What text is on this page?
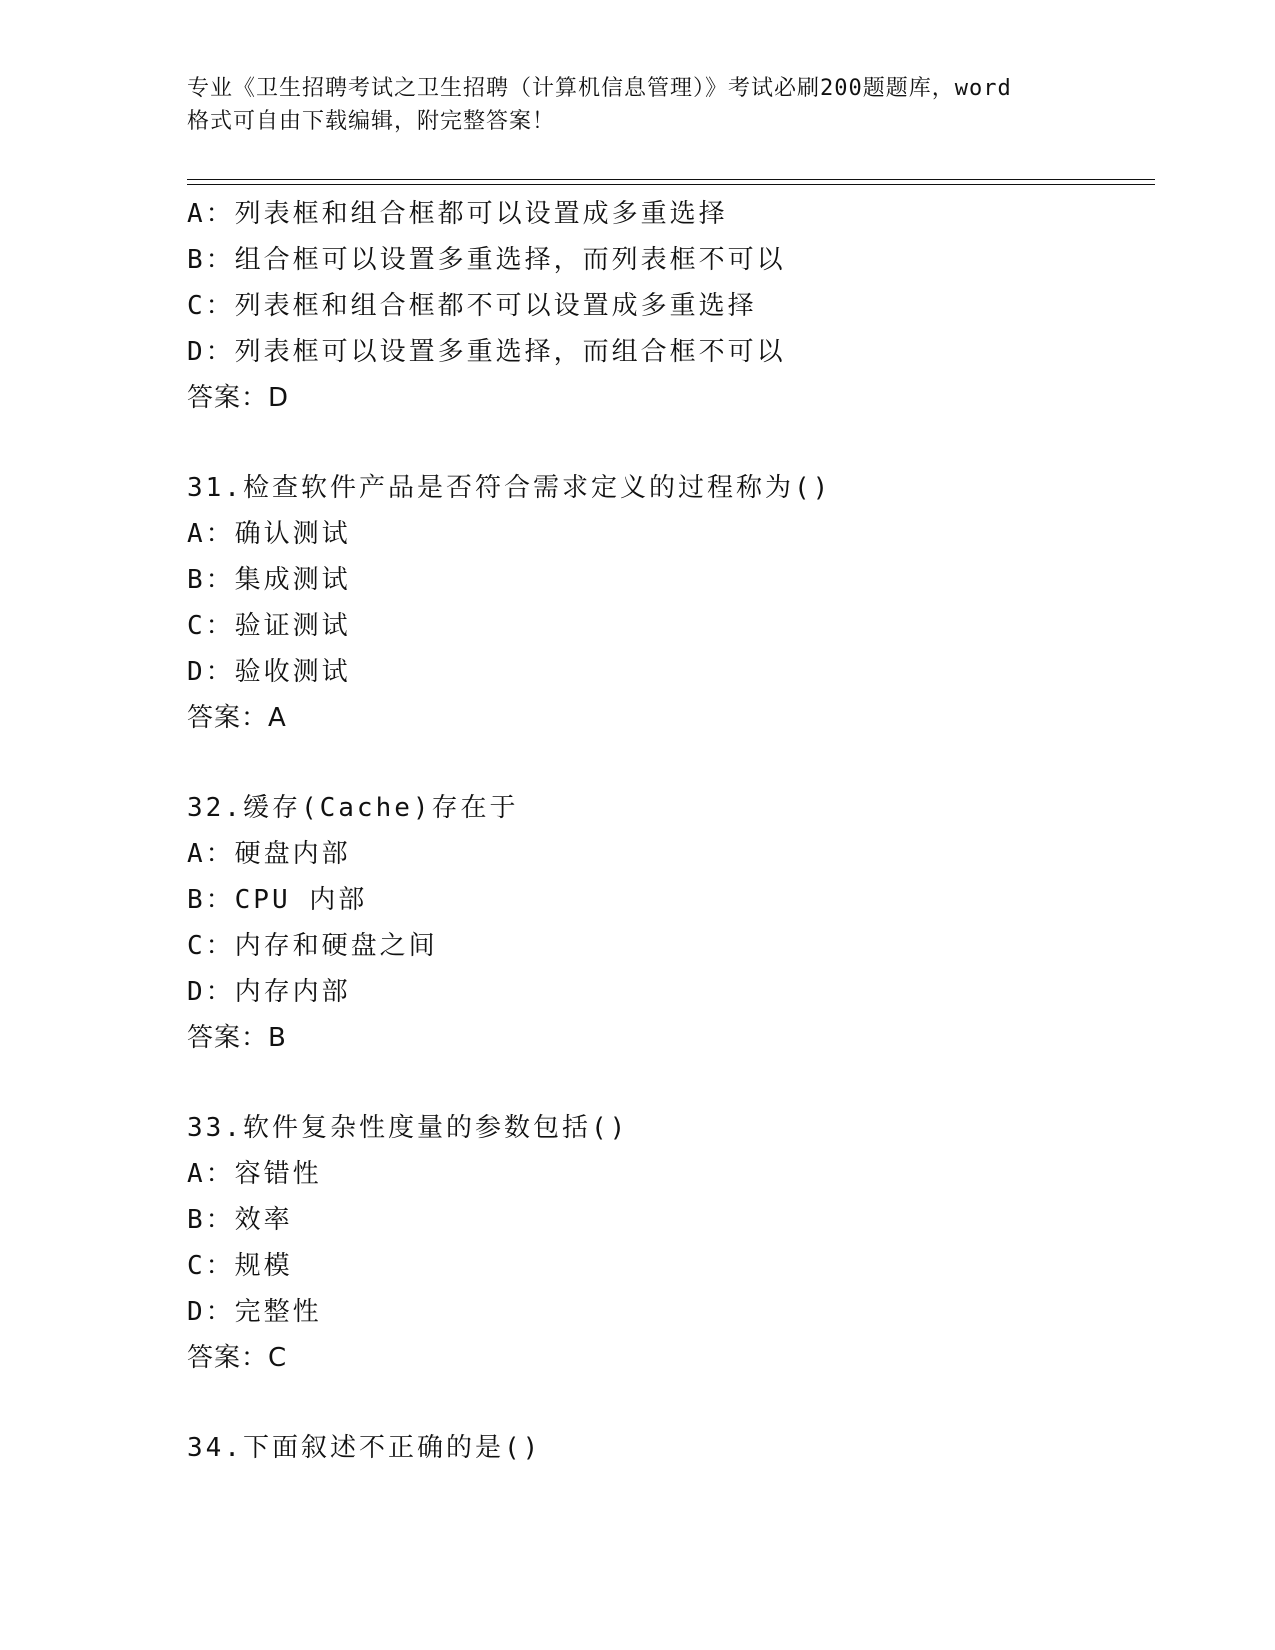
专业《卫生招聘考试之卫生招聘（计算机信息管理）》考试必刷200题题库，word
格式可自由下载编辑，附完整答案！
A：列表框和组合框都可以设置成多重选择
B：组合框可以设置多重选择，而列表框不可以
C：列表框和组合框都不可以设置成多重选择
D：列表框可以设置多重选择，而组合框不可以
答案：D
31.检查软件产品是否符合需求定义的过程称为()
A：确认测试
B：集成测试
C：验证测试
D：验收测试
答案：A
32.缓存(Cache)存在于
A：硬盘内部
B：CPU 内部
C：内存和硬盘之间
D：内存内部
答案：B
33.软件复杂性度量的参数包括()
A：容错性
B：效率
C：规模
D：完整性
答案：C
34.下面叙述不正确的是()
